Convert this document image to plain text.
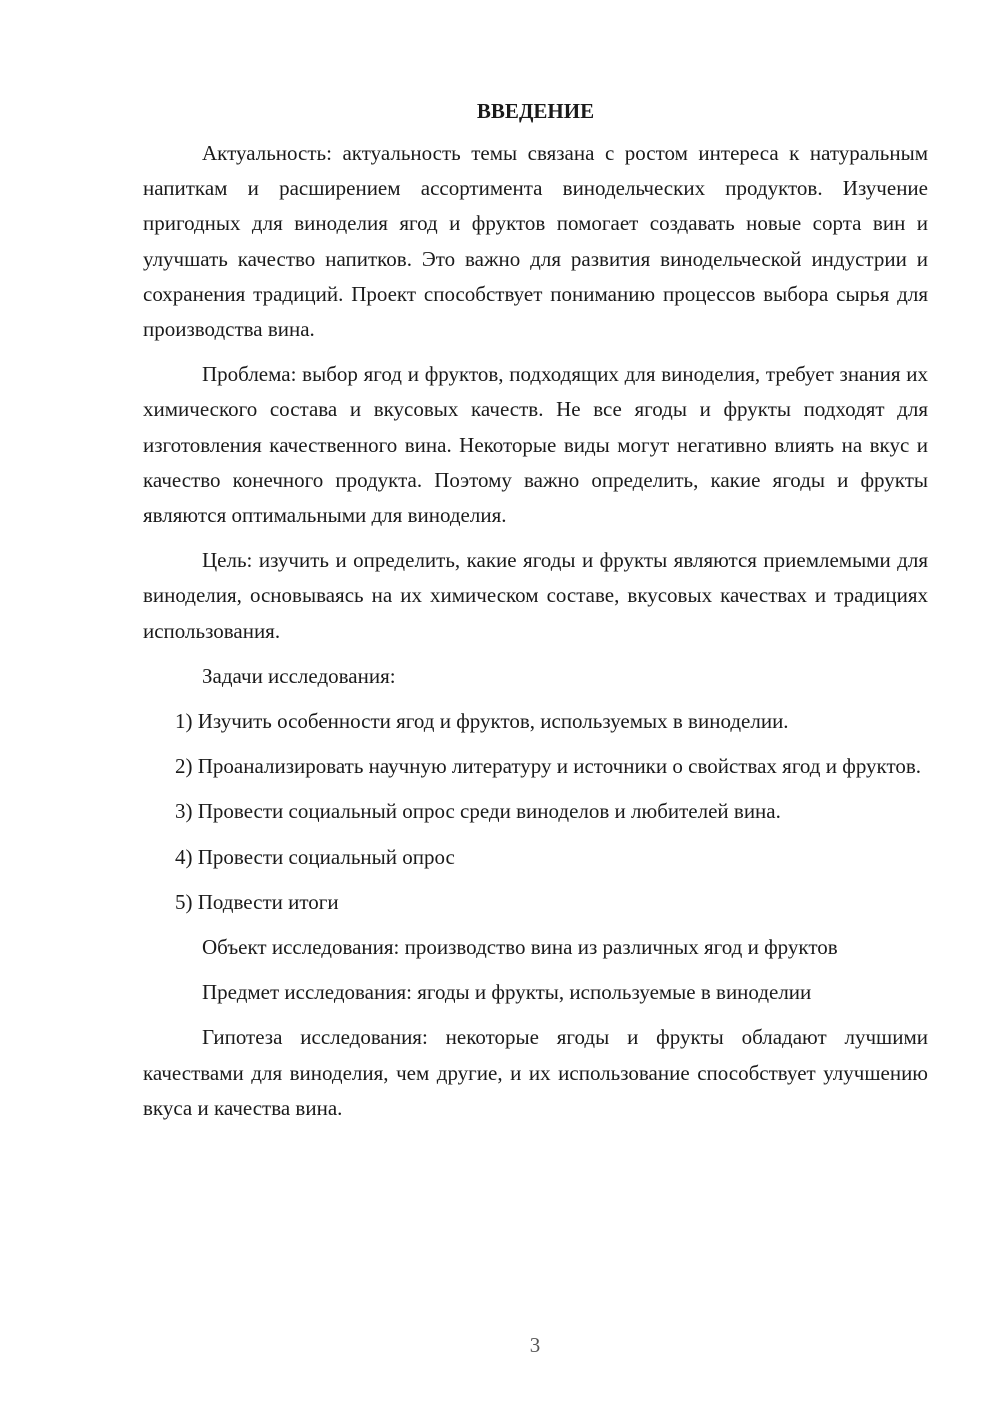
ВВЕДЕНИЕ

Актуальность: актуальность темы связана с ростом интереса к натуральным напиткам и расширением ассортимента винодельческих продуктов. Изучение пригодных для виноделия ягод и фруктов помогает создавать новые сорта вин и улучшать качество напитков. Это важно для развития винодельческой индустрии и сохранения традиций. Проект способствует пониманию процессов выбора сырья для производства вина.

Проблема: выбор ягод и фруктов, подходящих для виноделия, требует знания их химического состава и вкусовых качеств. Не все ягоды и фрукты подходят для изготовления качественного вина. Некоторые виды могут негативно влиять на вкус и качество конечного продукта. Поэтому важно определить, какие ягоды и фрукты являются оптимальными для виноделия.

Цель: изучить и определить, какие ягоды и фрукты являются приемлемыми для виноделия, основываясь на их химическом составе, вкусовых качествах и традициях использования.

Задачи исследования:

1) Изучить особенности ягод и фруктов, используемых в виноделии.

2) Проанализировать научную литературу и источники о свойствах ягод и фруктов.

3) Провести социальный опрос среди виноделов и любителей вина.

4) Провести социальный опрос

5) Подвести итоги

Объект исследования: производство вина из различных ягод и фруктов

Предмет исследования: ягоды и фрукты, используемые в виноделии

Гипотеза исследования: некоторые ягоды и фрукты обладают лучшими качествами для виноделия, чем другие, и их использование способствует улучшению вкуса и качества вина.

3
